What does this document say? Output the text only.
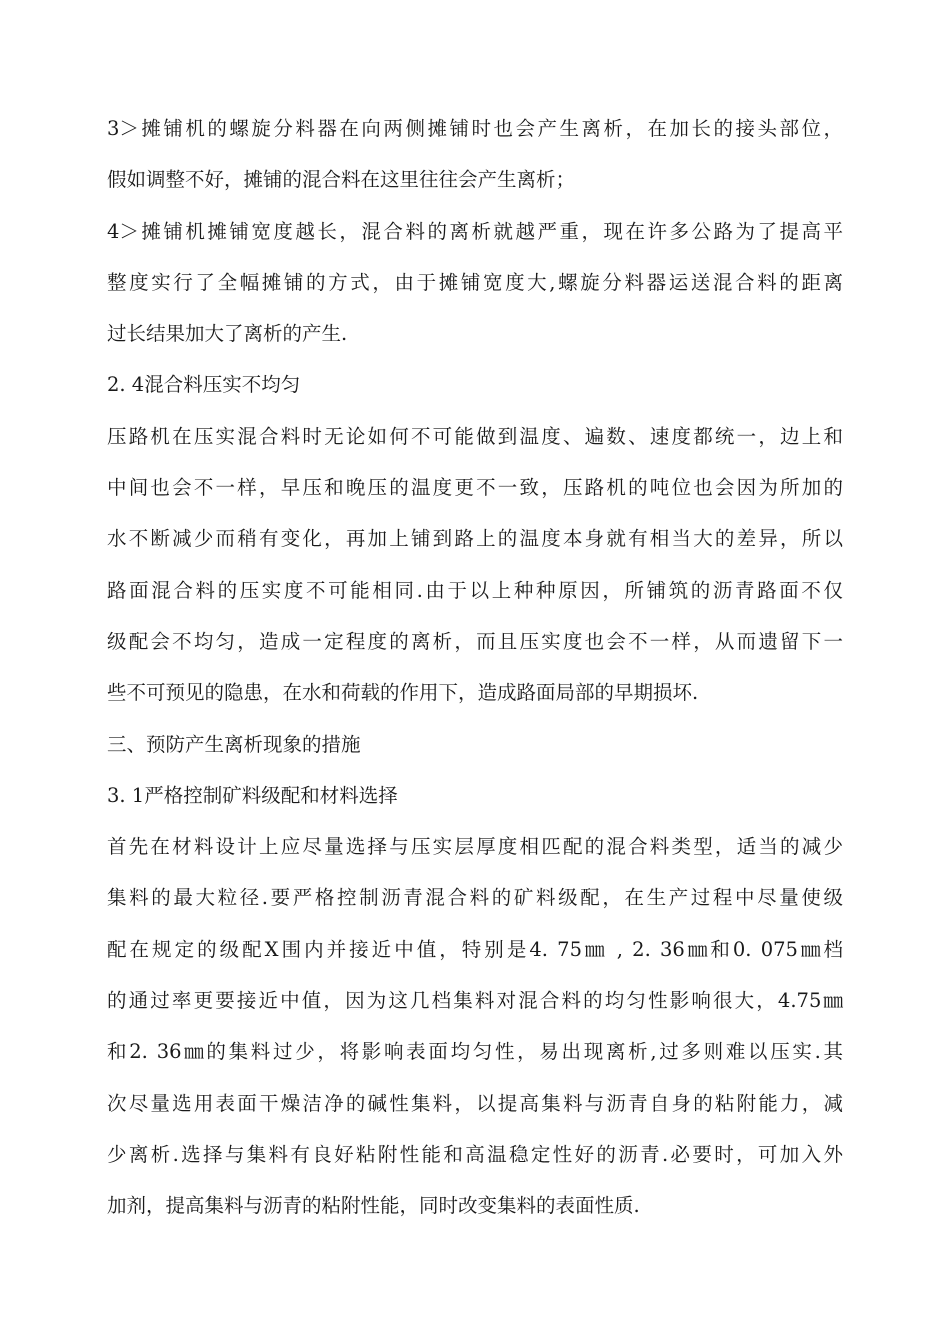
3＞摊铺机的螺旋分料器在向两侧摊铺时也会产生离析，在加长的接头部位，
假如调整不好，摊铺的混合料在这里往往会产生离析；
4＞摊铺机摊铺宽度越长，混合料的离析就越严重，现在许多公路为了提高平
整度实行了全幅摊铺的方式，由于摊铺宽度大,螺旋分料器运送混合料的距离
过长结果加大了离析的产生.
2. 4混合料压实不均匀
压路机在压实混合料时无论如何不可能做到温度、遍数、速度都统一，边上和
中间也会不一样，早压和晚压的温度更不一致，压路机的吨位也会因为所加的
水不断减少而稍有变化，再加上铺到路上的温度本身就有相当大的差异，所以
路面混合料的压实度不可能相同.由于以上种种原因，所铺筑的沥青路面不仅
级配会不均匀，造成一定程度的离析，而且压实度也会不一样，从而遗留下一
些不可预见的隐患，在水和荷载的作用下，造成路面局部的早期损坏.
三、预防产生离析现象的措施
3. 1严格控制矿料级配和材料选择
首先在材料设计上应尽量选择与压实层厚度相匹配的混合料类型，适当的减少
集料的最大粒径.要严格控制沥青混合料的矿料级配，在生产过程中尽量使级
配在规定的级配X围内并接近中值，特别是4. 75㎜ , 2. 36㎜和0. 075㎜档
的通过率更要接近中值，因为这几档集料对混合料的均匀性影响很大，4.75㎜
和2. 36㎜的集料过少，将影响表面均匀性，易出现离析,过多则难以压实.其
次尽量选用表面干燥洁净的碱性集料，以提高集料与沥青自身的粘附能力，减
少离析.选择与集料有良好粘附性能和高温稳定性好的沥青.必要时，可加入外
加剂，提高集料与沥青的粘附性能，同时改变集料的表面性质.
